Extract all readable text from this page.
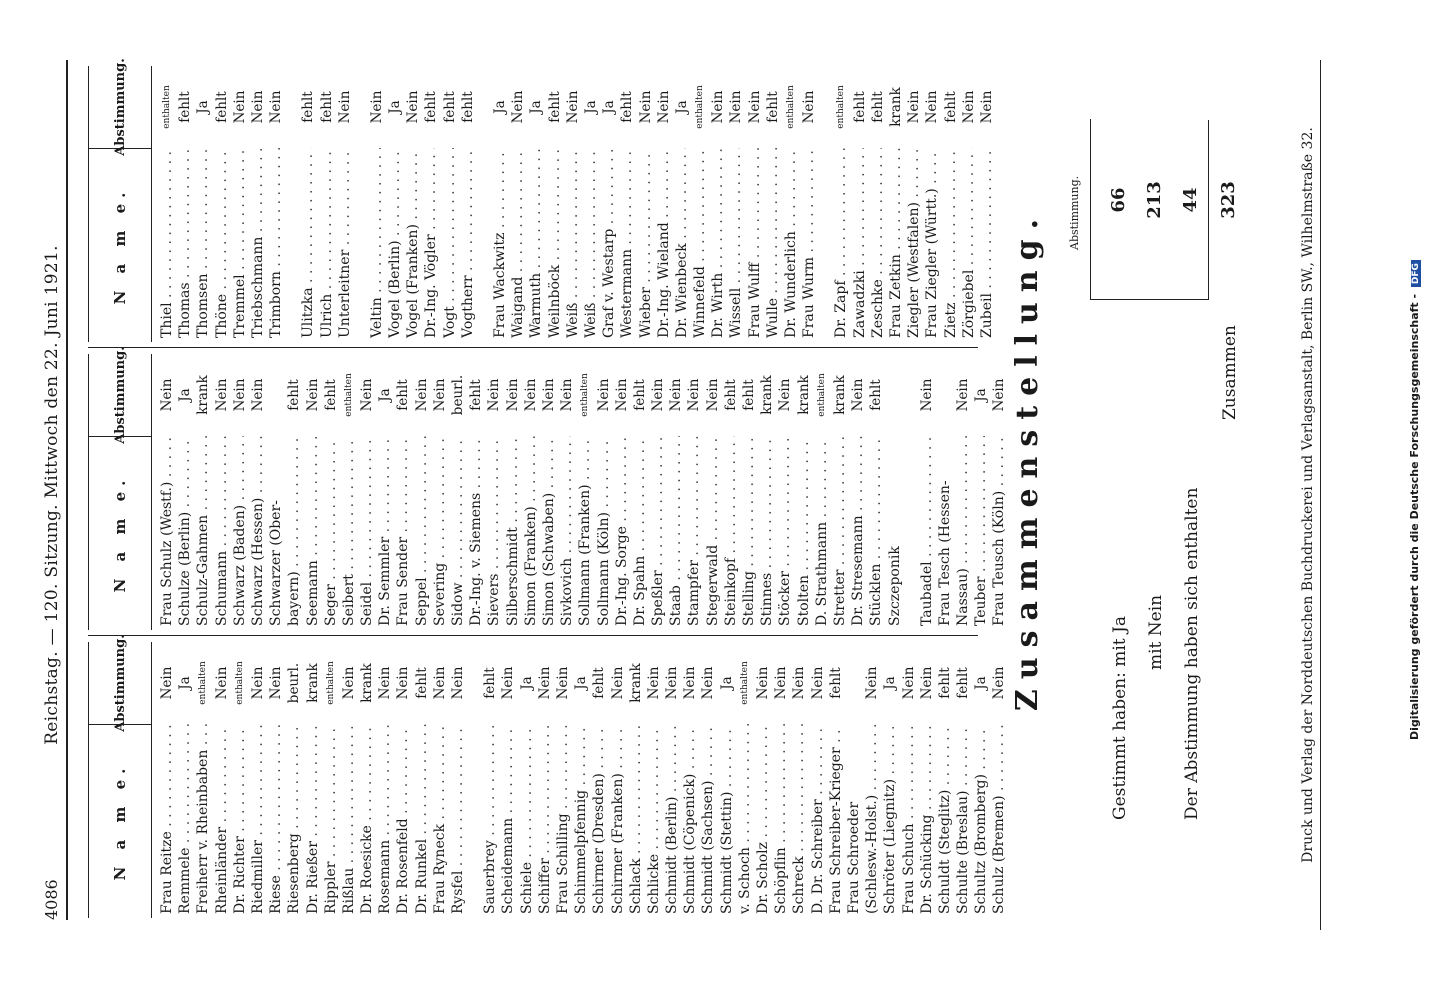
4086
Reichstag. — 120. Sitzung. Mittwoch den 22. Juni 1921.
N a m e.
Abstimmung.
Frau Reitze . . .
Nein
Remmele . . .
Ja
Freiherr v. Rheinbaben . . .
enthalten
Rheinländer . . .
Nein
Dr. Richter . . .
enthalten
Riedmiller . . .
Nein
Riese . . .
Nein
Riesenberg . . .
beurl.
Dr. Rießer . . .
krank
Rippler . . .
enthalten
Rißlau . . .
Nein
Dr. Roesicke . . .
krank
Rosemann . . .
Nein
Dr. Rosenfeld . . .
Nein
Dr. Runkel . . .
fehlt
Frau Ryneck . . .
Nein
Rysfel . . .
Nein
Sauerbrey . . .
fehlt
Scheidemann . . .
Nein
Schiele . . .
Ja
Schiffer . . .
Nein
Frau Schilling . . .
Nein
Schimmelpfennig . . .
Ja
Schirmer (Dresden) . . .
fehlt
Schirmer (Franken) . . .
Nein
Schlack . . .
krank
Schlicke . . .
Nein
Schmidt (Berlin) . . .
Nein
Schmidt (Cöpenick) . . .
Nein
Schmidt (Sachsen) . . .
Nein
Schmidt (Stettin) . . .
Ja
v. Schoch . . .
enthalten
Dr. Scholz . . .
Nein
Schöpflin . . .
Nein
Schreck . . .
Nein
D. Dr. Schreiber . . .
Nein
Frau Schreiber-Krieger . . .
fehlt
Frau Schroeder (Schlesw.-Holst.) . . .
Nein
Schröter (Liegnitz) . . .
Ja
Frau Schuch . . .
Nein
Dr. Schücking . . .
Nein
Schuldt (Steglitz) . . .
fehlt
Schulte (Breslau) . . .
fehlt
Schultz (Bromberg) . . .
Ja
Schulz (Bremen) . . .
Nein
N a m e.
Abstimmung.
Frau Schulz (Westf.) . . .
Nein
Schulze (Berlin) . . .
Ja
Schulz-Gahmen . . .
krank
Schumann . . .
Nein
Schwarz (Baden) . . .
Nein
Schwarz (Hessen) . . .
Nein
Schwarzer (Ober- bayern) . . .
fehlt
Seemann . . .
Nein
Seger . . .
fehlt
Seibert . . .
enthalten
Seidel . . .
Nein
Dr. Semmler . . .
Ja
Frau Sender . . .
fehlt
Seppel . . .
Nein
Severing . . .
Nein
Sidow . . .
beurl.
Dr.-Ing. v. Siemens . . .
fehlt
Sievers . . .
Nein
Silberschmidt . . .
Nein
Simon (Franken) . . .
Nein
Simon (Schwaben) . . .
Nein
Sivkovich . . .
Nein
Sollmann (Franken) . . .
enthalten
Sollmann (Köln) . . .
Nein
Dr.-Ing. Sorge . . .
Nein
Dr. Spahn . . .
fehlt
Speßler . . .
Nein
Staab . . .
Nein
Stampfer . . .
Nein
Stegerwald . . .
Nein
Steinkopf . . .
fehlt
Stelling . . .
fehlt
Stinnes . . .
krank
Stöcker . . .
Nein
Stolten . . .
krank
D. Strathmann . . .
enthalten
Stretter . . .
krank
Dr. Stresemann . . .
Nein
Stücklen . . .
fehlt
Szczeponik Taubadel . . .
Nein
Frau Tesch (Hessen- Nassau) . . .
Nein
Teuber . . .
Ja
Frau Teusch (Köln) . . .
Nein
N a m e.
Abstimmung.
Thiel . . .
enthalten
Thomas . . .
fehlt
Thomsen . . .
Ja
Thöne . . .
fehlt
Tremmel . . .
Nein
Triebschmann . . .
Nein
Trimborn . . .
Nein
Ulitzka . . .
fehlt
Ulrich . . .
fehlt
Unterleitner . . .
Nein
Veltin . . .
Nein
Vogel (Berlin) . . .
Ja
Vogel (Franken) . . .
Nein
Dr.-Ing. Vögler . . .
fehlt
Vogt . . .
fehlt
Vogtherr . . .
fehlt
Frau Wackwitz . . .
Ja
Waigand . . .
Nein
Warmuth . . .
Ja
Weilnböck . . .
fehlt
Weiß . . .
Nein
Weiß . . .
Ja
Graf v. Westarp . . .
Ja
Westermann . . .
fehlt
Wieber . . .
Nein
Dr.-Ing. Wieland . . .
Nein
Dr. Wienbeck . . .
Ja
Winnefeld . . .
enthalten
Dr. Wirth . . .
Nein
Wissell . . .
Nein
Frau Wulff . . .
Nein
Wulle . . .
fehlt
Dr. Wunderlich . . .
enthalten
Frau Wurm . . .
Nein
Dr. Zapf . . .
enthalten
Zawadzki . . .
fehlt
Zeschke . . .
fehlt
Frau Zetkin . . .
krank
Ziegler (Westfalen) . . .
Nein
Frau Ziegler (Württ.) . . .
Nein
Zietz . . .
fehlt
Zörgiebel . . .
Nein
Zubeil . . .
Nein
Zusammenstellung. Abstimmung.
Gestimmt haben: mit Ja
66
mit Nein
213
Der Abstimmung haben sich enthalten
44
Zusammen
323	Druck und Verlag der Norddeutschen Buchdruckerei und Verlagsanstalt, Berlin SW., Wilhelmstraße 32.	Digitalisierung gefördert durch die Deutsche Forschungsgemeinschaft - DFG
